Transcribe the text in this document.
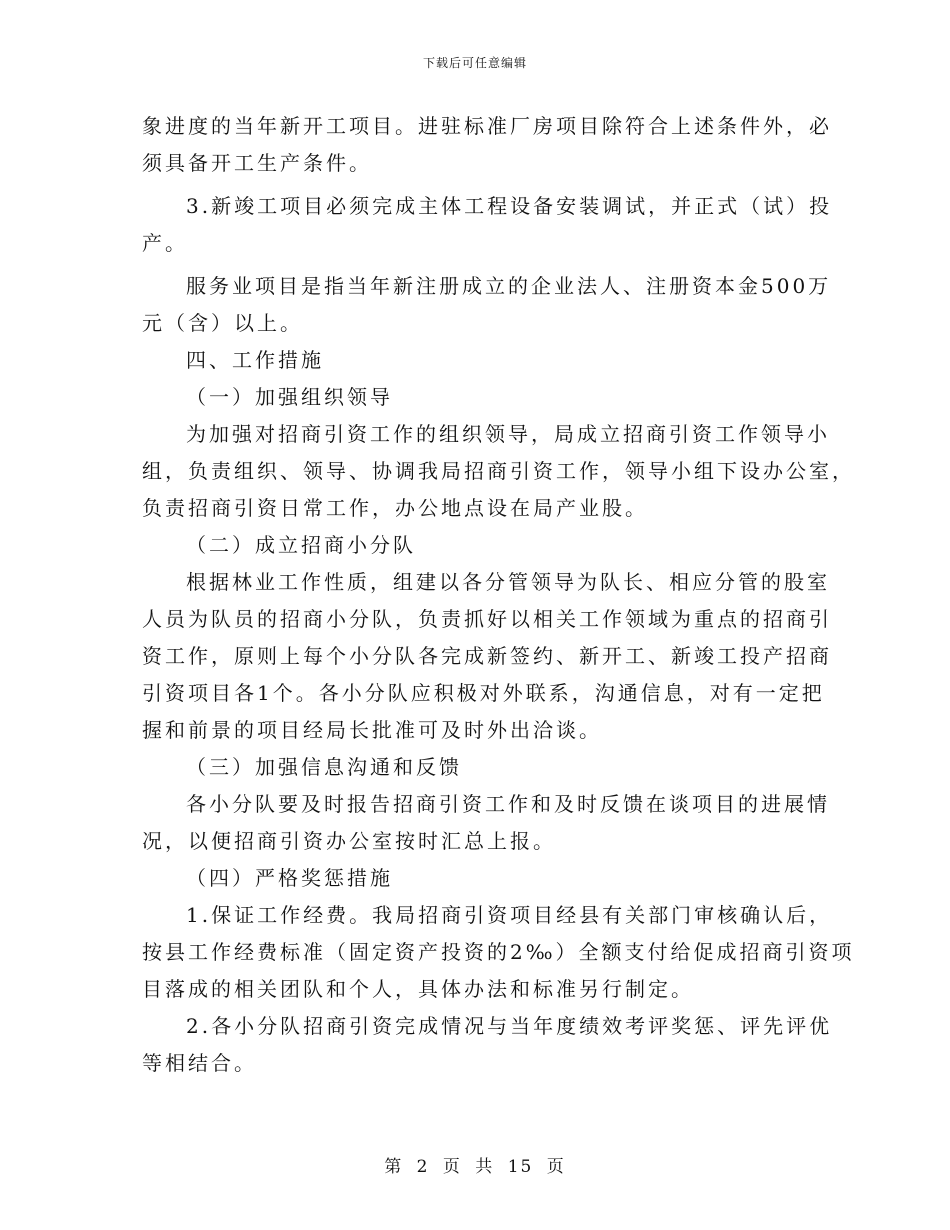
下载后可任意编辑
象进度的当年新开工项目。进驻标准厂房项目除符合上述条件外，必
须具备开工生产条件。
3.新竣工项目必须完成主体工程设备安装调试，并正式（试）投
产。
服务业项目是指当年新注册成立的企业法人、注册资本金500万
元（含）以上。
四、工作措施
（一）加强组织领导
为加强对招商引资工作的组织领导，局成立招商引资工作领导小
组，负责组织、领导、协调我局招商引资工作，领导小组下设办公室，
负责招商引资日常工作，办公地点设在局产业股。
（二）成立招商小分队
根据林业工作性质，组建以各分管领导为队长、相应分管的股室
人员为队员的招商小分队，负责抓好以相关工作领域为重点的招商引
资工作，原则上每个小分队各完成新签约、新开工、新竣工投产招商
引资项目各1个。各小分队应积极对外联系，沟通信息，对有一定把
握和前景的项目经局长批准可及时外出洽谈。
（三）加强信息沟通和反馈
各小分队要及时报告招商引资工作和及时反馈在谈项目的进展情
况，以便招商引资办公室按时汇总上报。
（四）严格奖惩措施
1.保证工作经费。我局招商引资项目经县有关部门审核确认后，
按县工作经费标准（固定资产投资的2‰）全额支付给促成招商引资项
目落成的相关团队和个人，具体办法和标准另行制定。
2.各小分队招商引资完成情况与当年度绩效考评奖惩、评先评优
等相结合。
第 2 页 共 15 页
